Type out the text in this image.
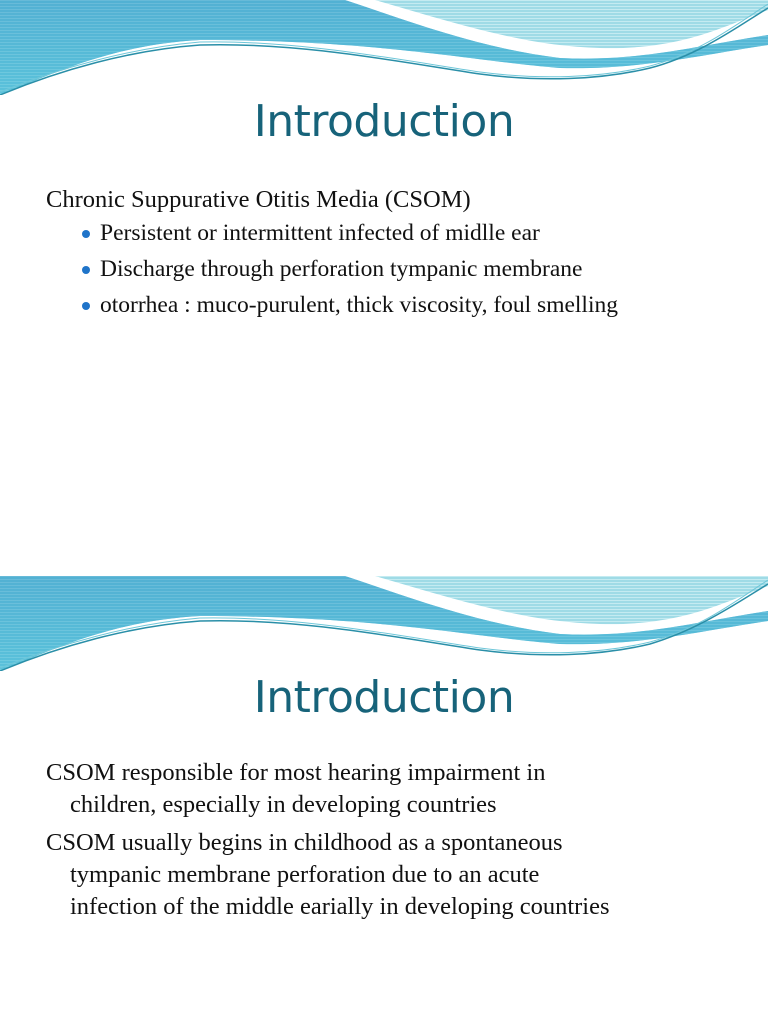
Introduction

Chronic Suppurative Otitis Media (CSOM)

Persistent or intermittent infected of midlle ear
Discharge through perforation tympanic membrane
otorrhea : muco-purulent, thick viscosity, foul smelling
Introduction

CSOM responsible for most hearing impairment in
children, especially in developing countries

CSOM usually begins in childhood as a spontaneous
tympanic membrane perforation due to an acute
infection of the middle earially in developing countries
